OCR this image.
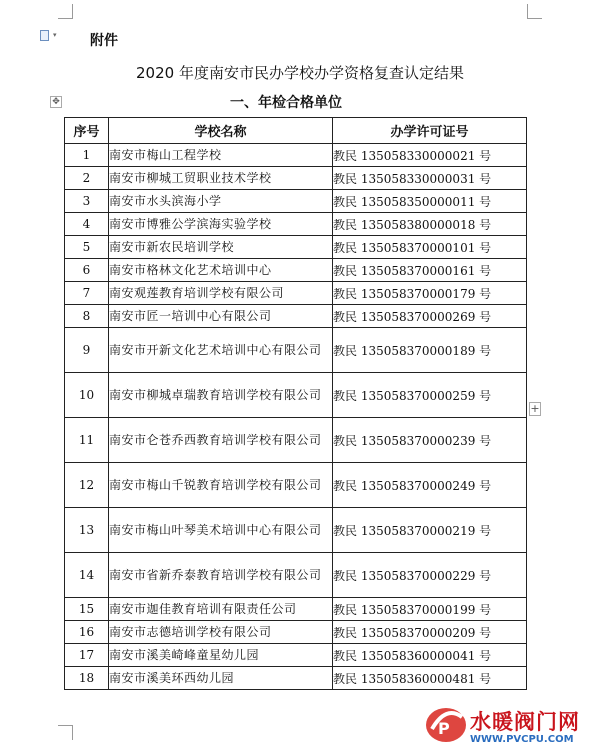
▾ 附件
2020 年度南安市民办学校办学资格复查认定结果
一、年检合格单位
✥
+
序号	学校名称	办学许可证号
1	南安市梅山工程学校	教民 135058330000021 号
2	南安市柳城工贸职业技术学校	教民 135058330000031 号
3	南安市水头滨海小学	教民 135058350000011 号
4	南安市博雅公学滨海实验学校	教民 135058380000018 号
5	南安市新农民培训学校	教民 135058370000101 号
6	南安市格林文化艺术培训中心	教民 135058370000161 号
7	南安观莲教育培训学校有限公司	教民 135058370000179 号
8	南安市匠一培训中心有限公司	教民 135058370000269 号
9	南安市开新文化艺术培训中心有限公司	教民 135058370000189 号
10	南安市柳城卓瑞教育培训学校有限公司	教民 135058370000259 号
11	南安市仑苍乔西教育培训学校有限公司	教民 135058370000239 号
12	南安市梅山千锐教育培训学校有限公司	教民 135058370000249 号
13	南安市梅山叶琴美术培训中心有限公司	教民 135058370000219 号
14	南安市省新乔泰教育培训学校有限公司	教民 135058370000229 号
15	南安市迦佳教育培训有限责任公司	教民 135058370000199 号
16	南安市志德培训学校有限公司	教民 135058370000209 号
17	南安市溪美崎峰童星幼儿园	教民 135058360000041 号
18	南安市溪美环西幼儿园	教民 135058360000481 号
P 水暖阀门网
WWW.PVCPU.COM
